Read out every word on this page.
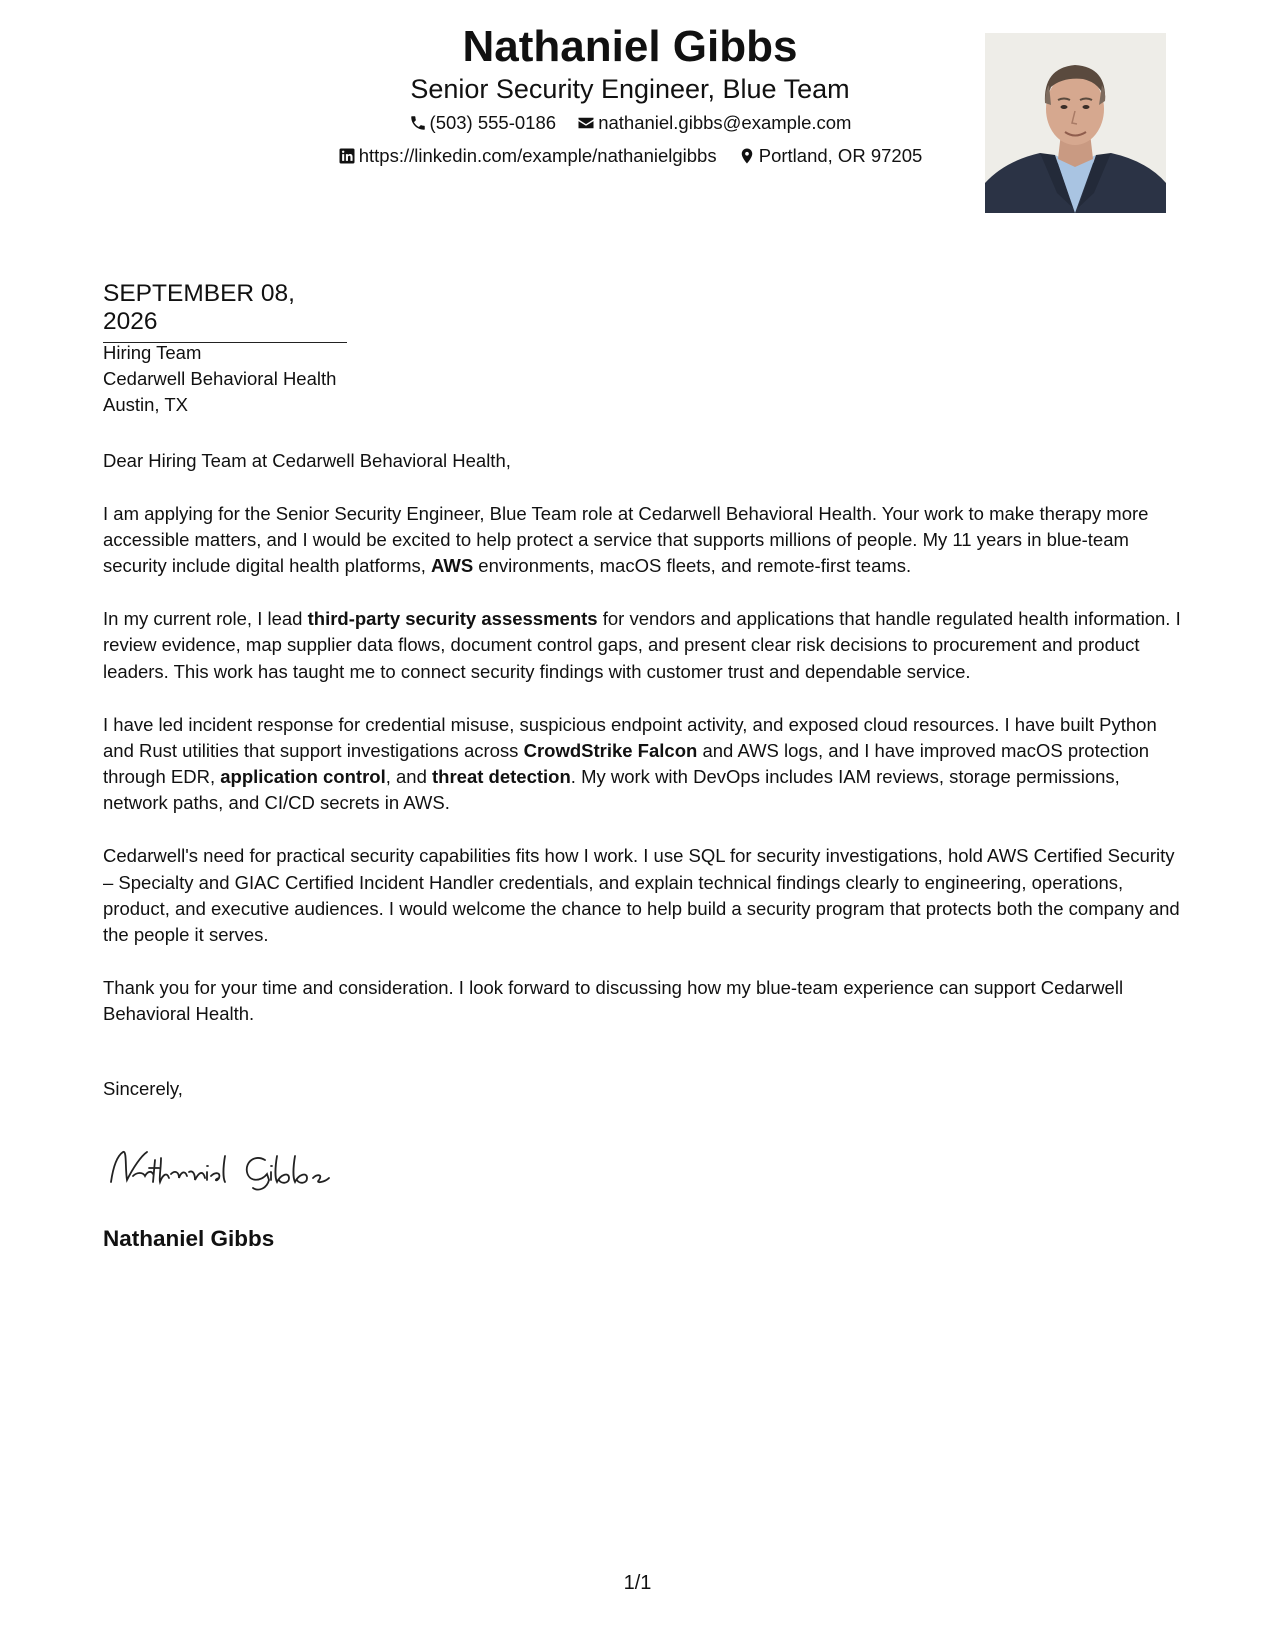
Nathaniel Gibbs
Senior Security Engineer, Blue Team
(503) 555-0186 nathaniel.gibbs@example.com
https://linkedin.com/example/nathanielgibbs Portland, OR 97205
SEPTEMBER 08, 2026
Hiring Team
Cedarwell Behavioral Health
Austin, TX

Dear Hiring Team at Cedarwell Behavioral Health,

I am applying for the Senior Security Engineer, Blue Team role at Cedarwell Behavioral Health. Your work to make therapy more accessible matters, and I would be excited to help protect a service that supports millions of people. My 11 years in blue-team security include digital health platforms, AWS environments, macOS fleets, and remote-first teams.

In my current role, I lead third-party security assessments for vendors and applications that handle regulated health information. I review evidence, map supplier data flows, document control gaps, and present clear risk decisions to procurement and product leaders. This work has taught me to connect security findings with customer trust and dependable service.

I have led incident response for credential misuse, suspicious endpoint activity, and exposed cloud resources. I have built Python and Rust utilities that support investigations across CrowdStrike Falcon and AWS logs, and I have improved macOS protection through EDR, application control, and threat detection. My work with DevOps includes IAM reviews, storage permissions, network paths, and CI/CD secrets in AWS.

Cedarwell's need for practical security capabilities fits how I work. I use SQL for security investigations, hold AWS Certified Security – Specialty and GIAC Certified Incident Handler credentials, and explain technical findings clearly to engineering, operations, product, and executive audiences. I would welcome the chance to help build a security program that protects both the company and the people it serves.

Thank you for your time and consideration. I look forward to discussing how my blue-team experience can support Cedarwell Behavioral Health.

Sincerely,

Nathaniel Gibbs
1/1
